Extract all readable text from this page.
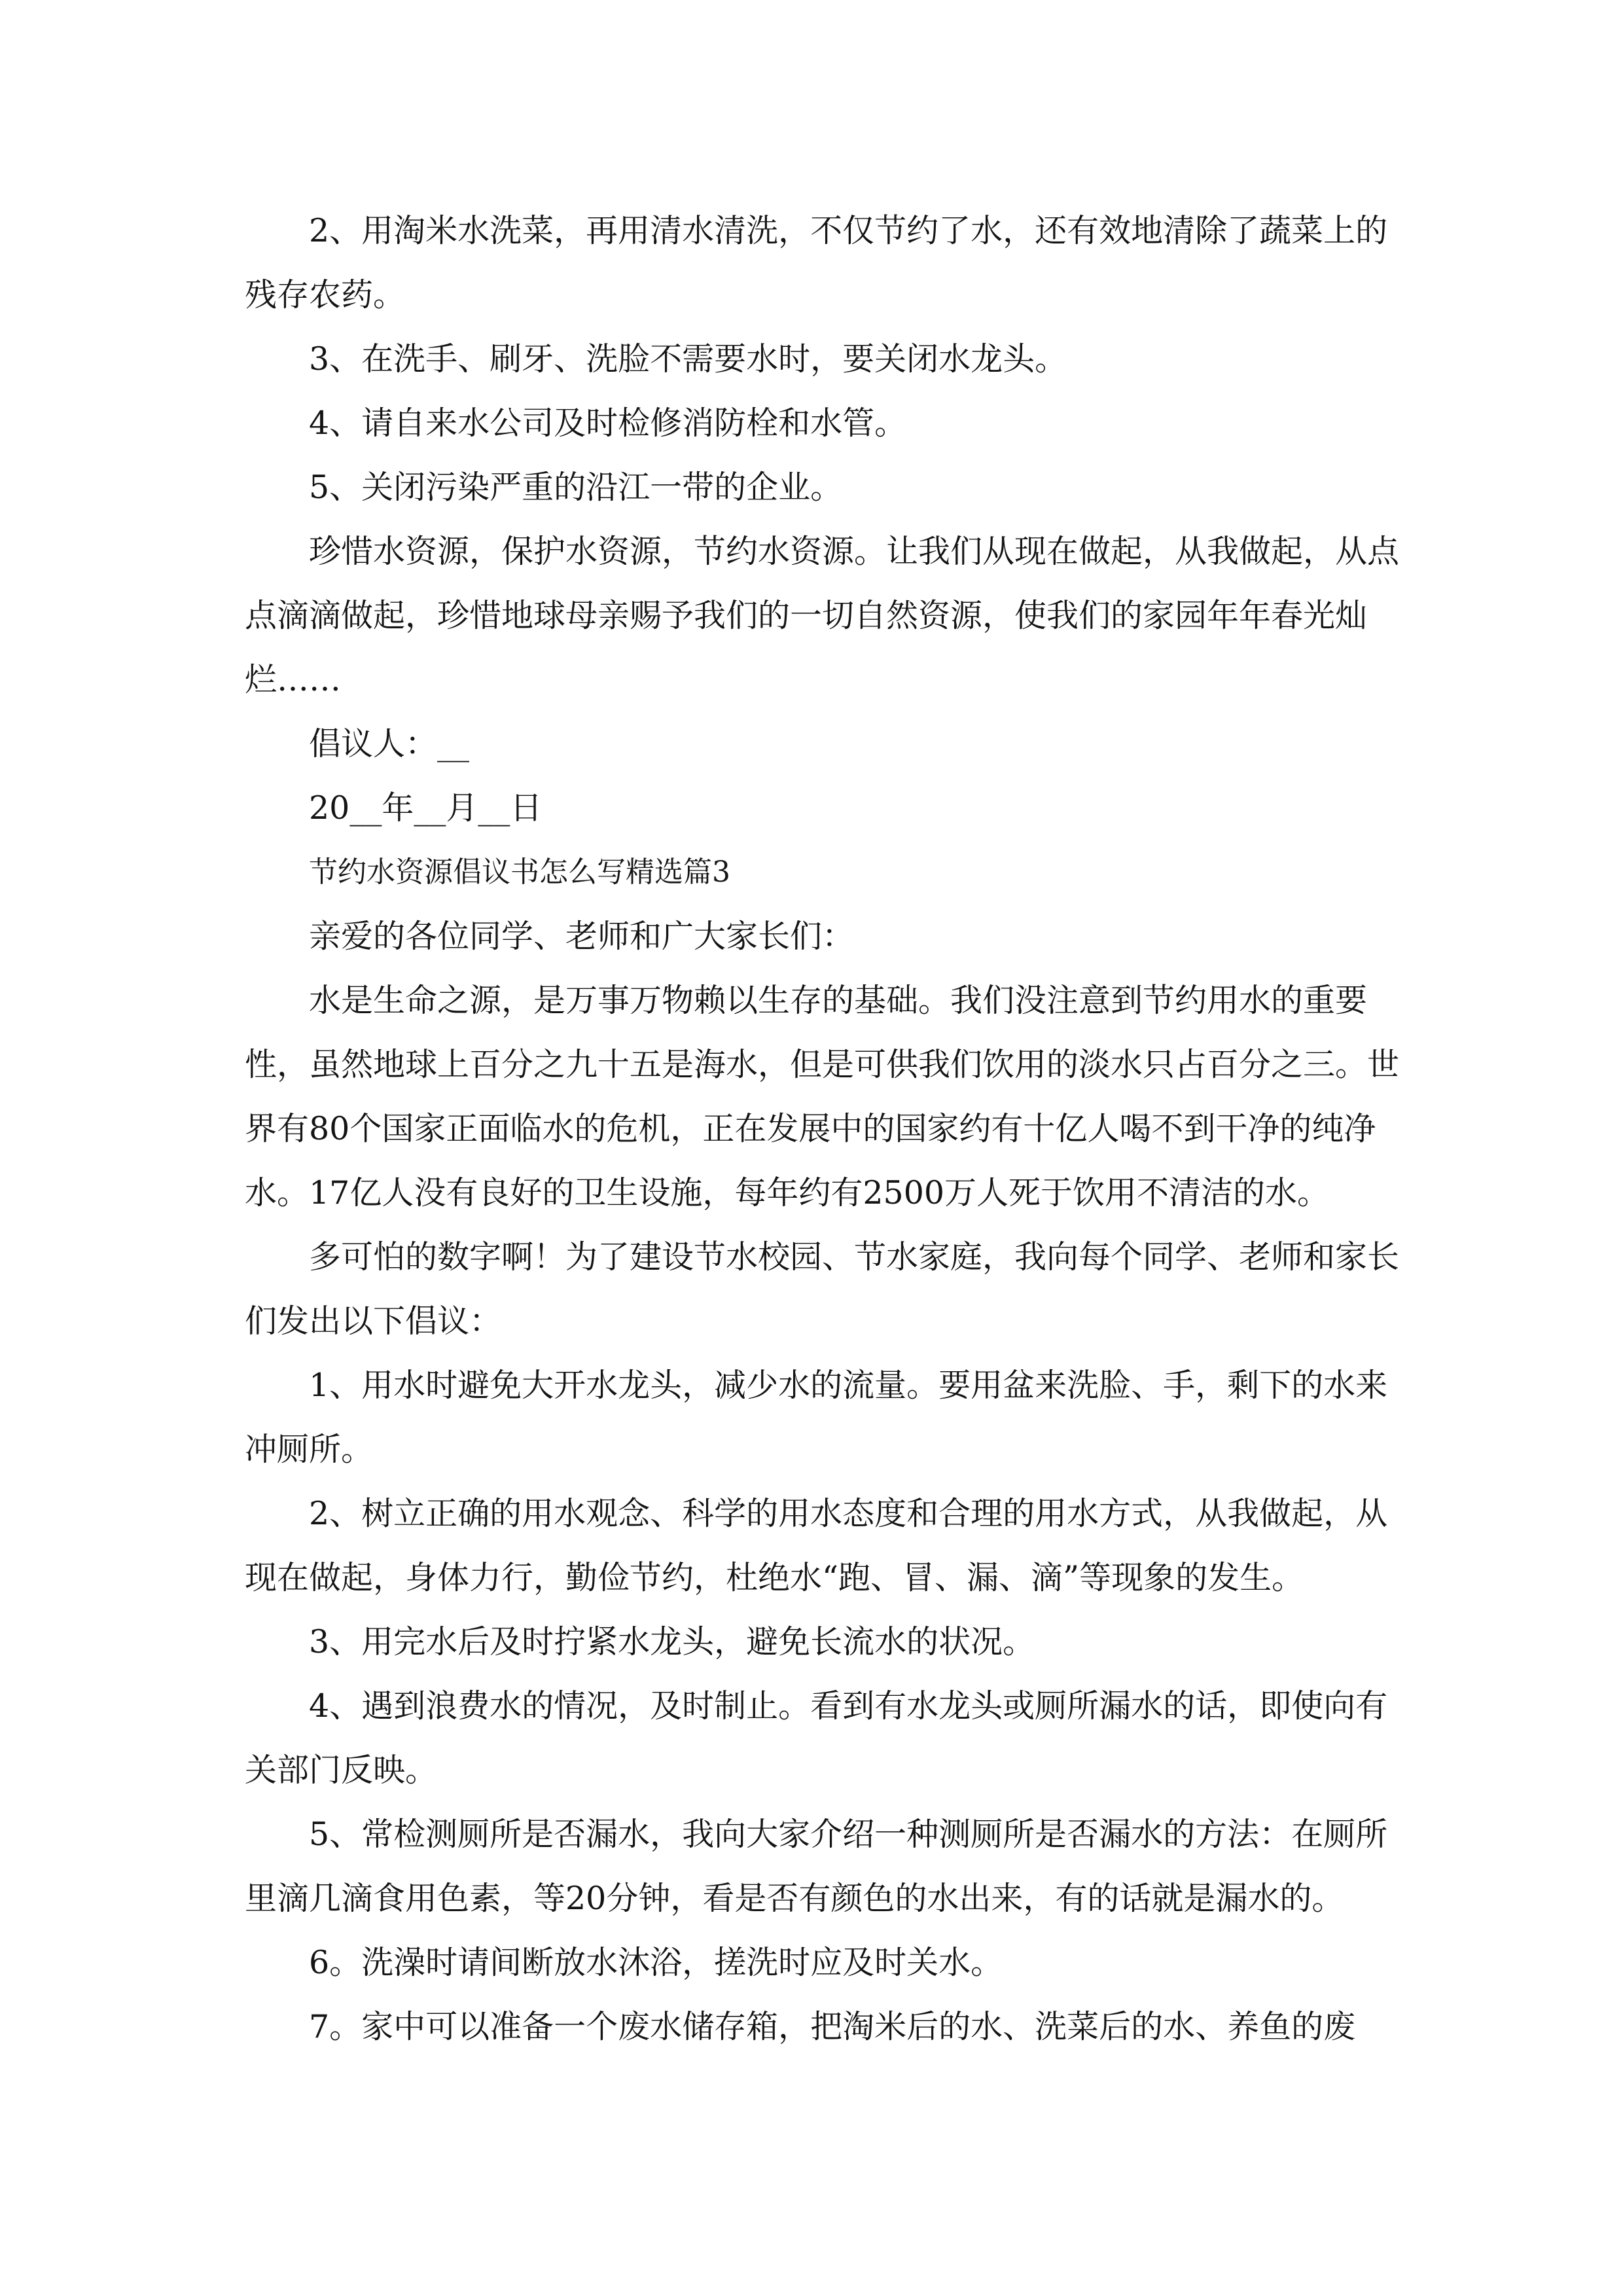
2、用淘米水洗菜，再用清水清洗，不仅节约了水，还有效地清除了蔬菜上的残存农药。

3、在洗手、刷牙、洗脸不需要水时，要关闭水龙头。

4、请自来水公司及时检修消防栓和水管。

5、关闭污染严重的沿江一带的企业。

珍惜水资源，保护水资源，节约水资源。让我们从现在做起，从我做起，从点点滴滴做起，珍惜地球母亲赐予我们的一切自然资源，使我们的家园年年春光灿烂……

倡议人：__

20__年__月__日

节约水资源倡议书怎么写精选篇3

亲爱的各位同学、老师和广大家长们：

水是生命之源，是万事万物赖以生存的基础。我们没注意到节约用水的重要性，虽然地球上百分之九十五是海水，但是可供我们饮用的淡水只占百分之三。世界有80个国家正面临水的危机，正在发展中的国家约有十亿人喝不到干净的纯净水。17亿人没有良好的卫生设施，每年约有2500万人死于饮用不清洁的水。

多可怕的数字啊！为了建设节水校园、节水家庭，我向每个同学、老师和家长们发出以下倡议：

1、用水时避免大开水龙头，减少水的流量。要用盆来洗脸、手，剩下的水来冲厕所。

2、树立正确的用水观念、科学的用水态度和合理的用水方式，从我做起，从现在做起，身体力行，勤俭节约，杜绝水“跑、冒、漏、滴”等现象的发生。

3、用完水后及时拧紧水龙头，避免长流水的状况。

4、遇到浪费水的情况，及时制止。看到有水龙头或厕所漏水的话，即使向有关部门反映。

5、常检测厕所是否漏水，我向大家介绍一种测厕所是否漏水的方法：在厕所里滴几滴食用色素，等20分钟，看是否有颜色的水出来，有的话就是漏水的。

6。洗澡时请间断放水沐浴，搓洗时应及时关水。

7。家中可以准备一个废水储存箱，把淘米后的水、洗菜后的水、养鱼的废
